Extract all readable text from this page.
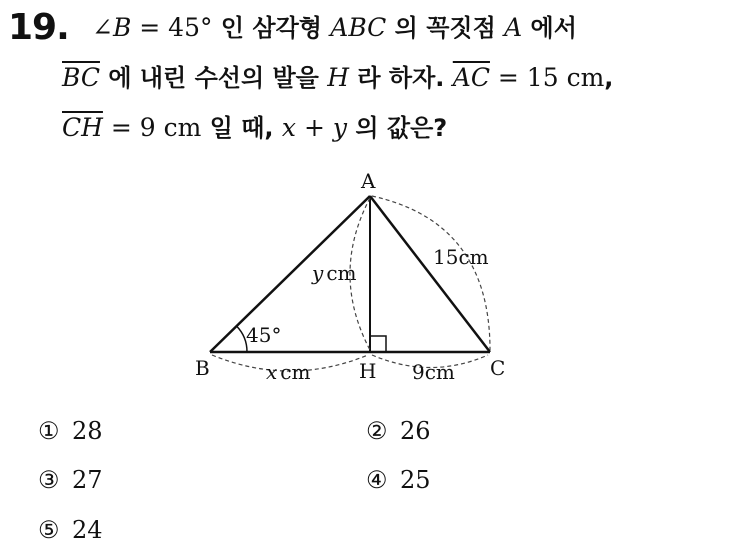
19. ∠B = 45° 인 삼각형 ABC 의 꼭짓점 A 에서
$\overline{BC}$ 에 내린 수선의 발을 H 라 하자. $\overline{AC} = 15$ cm,
$\overline{CH} = 9$ cm 일 때, x + y 의 값은?
A
B	C
H
45°
y cm
15cm
x cm	9cm
① 28	② 26
③ 27	④ 25
⑤ 24
